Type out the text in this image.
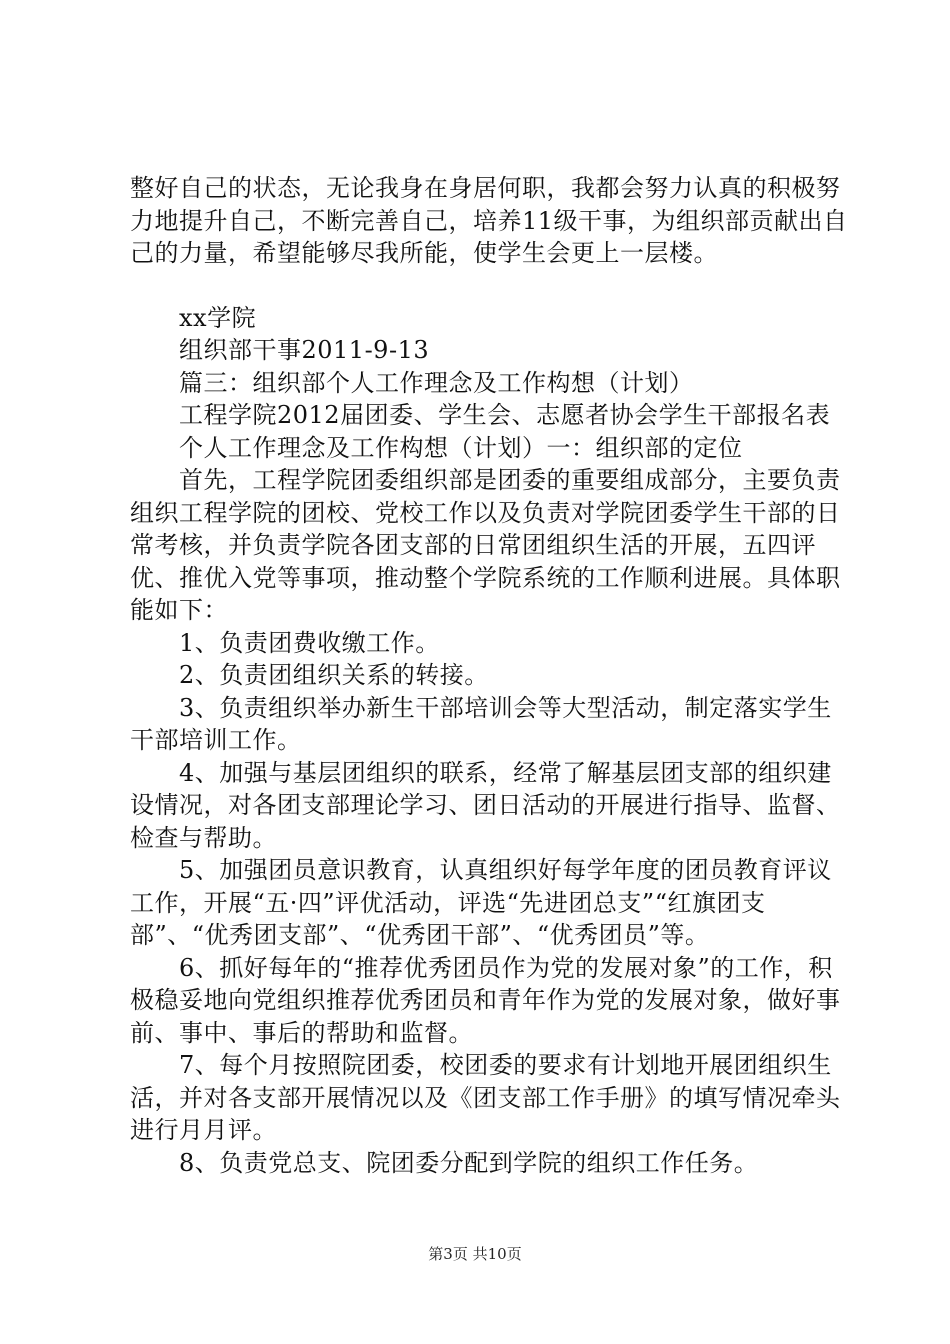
整好自己的状态，无论我身在身居何职，我都会努力认真的积极努力地提升自己，不断完善自己，培养11级干事，为组织部贡献出自己的力量，希望能够尽我所能，使学生会更上一层楼。

xx学院

组织部干事2011-9-13

篇三：组织部个人工作理念及工作构想（计划）

工程学院2012届团委、学生会、志愿者协会学生干部报名表

个人工作理念及工作构想（计划）一：组织部的定位

首先，工程学院团委组织部是团委的重要组成部分，主要负责组织工程学院的团校、党校工作以及负责对学院团委学生干部的日常考核，并负责学院各团支部的日常团组织生活的开展，五四评优、推优入党等事项，推动整个学院系统的工作顺利进展。具体职能如下：

1、负责团费收缴工作。

2、负责团组织关系的转接。

3、负责组织举办新生干部培训会等大型活动，制定落实学生干部培训工作。

4、加强与基层团组织的联系，经常了解基层团支部的组织建设情况，对各团支部理论学习、团日活动的开展进行指导、监督、检查与帮助。

5、加强团员意识教育，认真组织好每学年度的团员教育评议工作，开展“五·四”评优活动，评选“先进团总支”“红旗团支部”、“优秀团支部”、“优秀团干部”、“优秀团员”等。

6、抓好每年的“推荐优秀团员作为党的发展对象”的工作，积极稳妥地向党组织推荐优秀团员和青年作为党的发展对象，做好事前、事中、事后的帮助和监督。

7、每个月按照院团委，校团委的要求有计划地开展团组织生活，并对各支部开展情况以及《团支部工作手册》的填写情况牵头进行月月评。

8、负责党总支、院团委分配到学院的组织工作任务。

第3页 共10页
